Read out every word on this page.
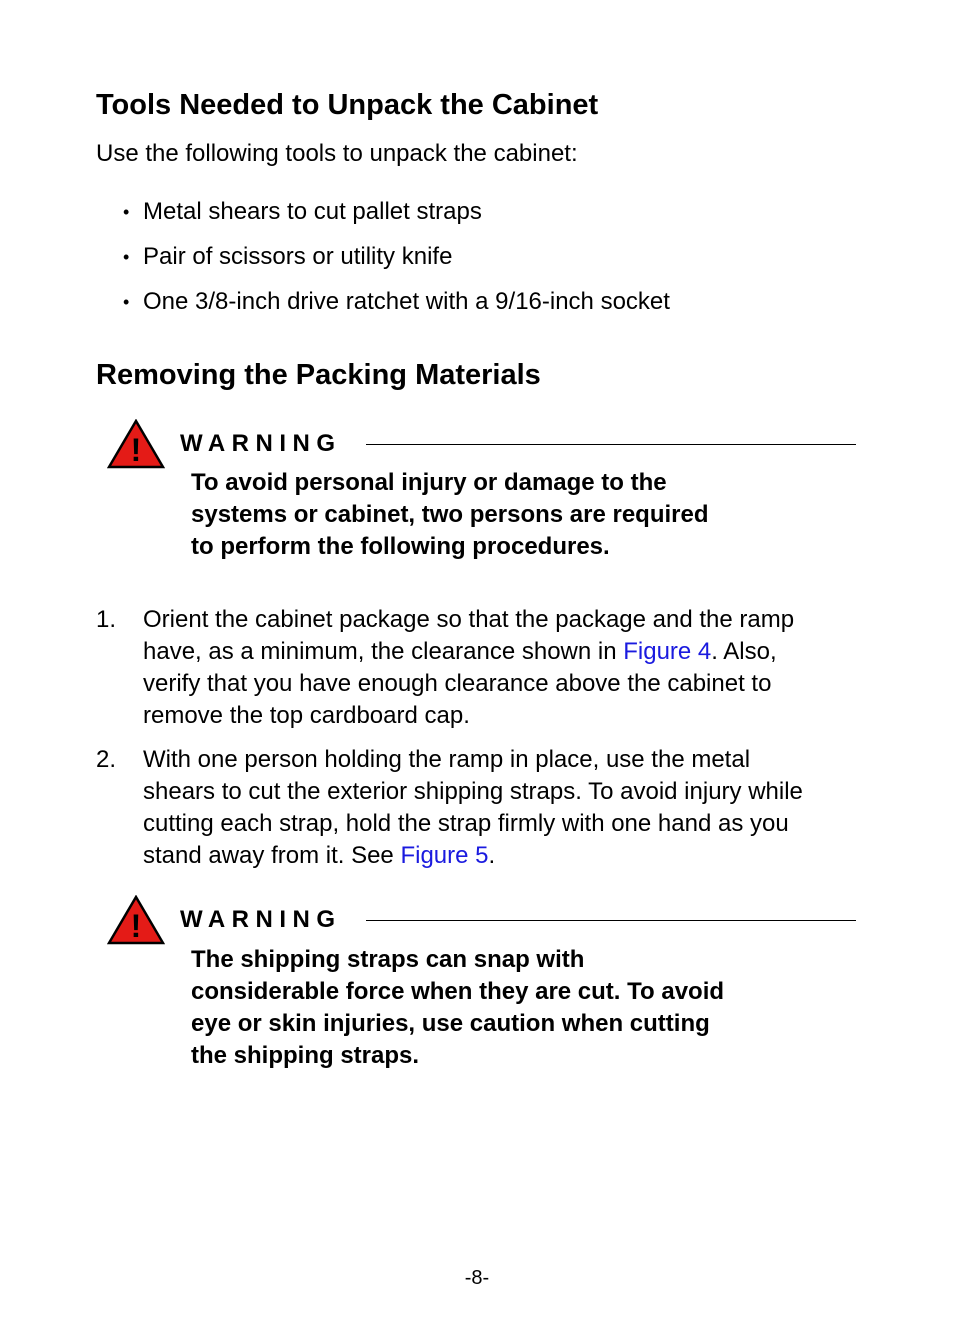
Tools Needed to Unpack the Cabinet
Use the following tools to unpack the cabinet:
• Metal shears to cut pallet straps
• Pair of scissors or utility knife
• One 3/8-inch drive ratchet with a 9/16-inch socket
Removing the Packing Materials
! WARNING
To avoid personal injury or damage to the
systems or cabinet, two persons are required
to perform the following procedures.
1. Orient the cabinet package so that the package and the ramp
have, as a minimum, the clearance shown in Figure 4. Also,
verify that you have enough clearance above the cabinet to
remove the top cardboard cap.
2. With one person holding the ramp in place, use the metal
shears to cut the exterior shipping straps. To avoid injury while
cutting each strap, hold the strap firmly with one hand as you
stand away from it. See Figure 5.
! WARNING
The shipping straps can snap with
considerable force when they are cut. To avoid
eye or skin injuries, use caution when cutting
the shipping straps.
-8-
